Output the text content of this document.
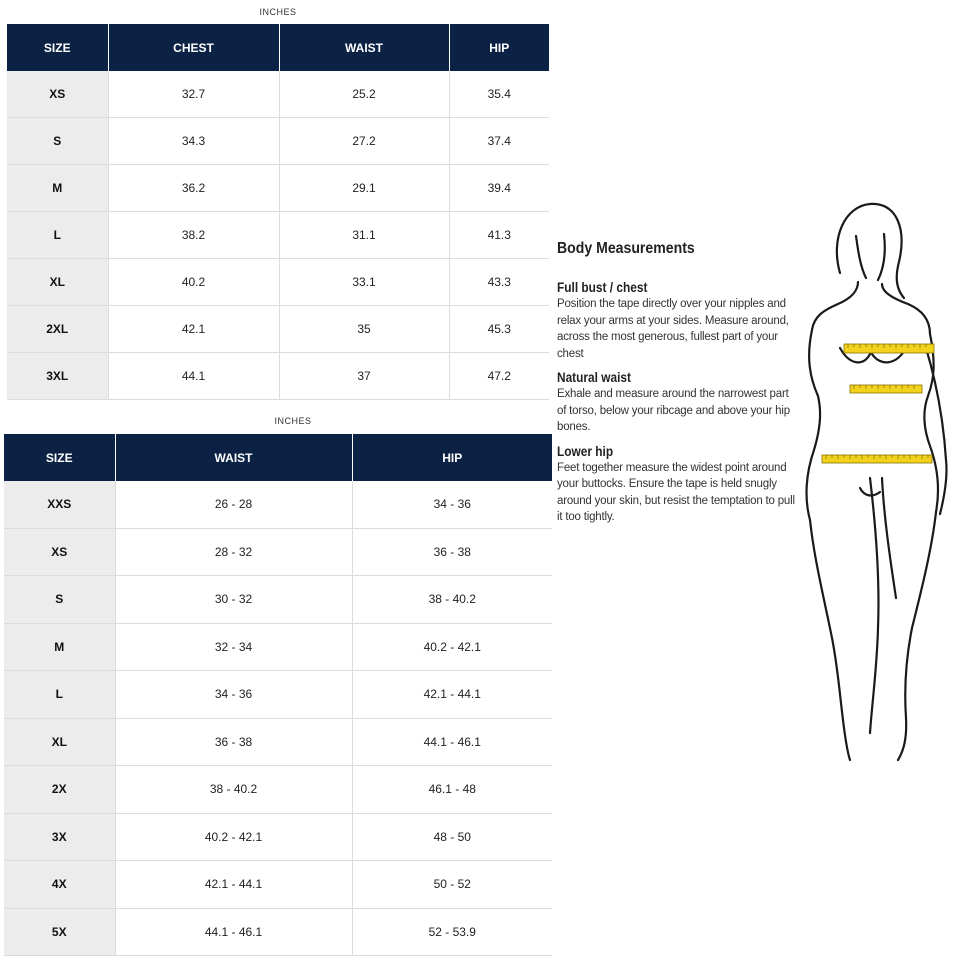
INCHES
SIZE	CHEST	WAIST	HIP
XS	32.7	25.2	35.4
S	34.3	27.2	37.4
M	36.2	29.1	39.4
L	38.2	31.1	41.3
XL	40.2	33.1	43.3
2XL	42.1	35	45.3
3XL	44.1	37	47.2
INCHES
SIZE	WAIST	HIP
XXS	26 - 28	34 - 36
XS	28 - 32	36 - 38
S	30 - 32	38 - 40.2
M	32 - 34	40.2 - 42.1
L	34 - 36	42.1 - 44.1
XL	36 - 38	44.1 - 46.1
2X	38 - 40.2	46.1 - 48
3X	40.2 - 42.1	48 - 50
4X	42.1 - 44.1	50 - 52
5X	44.1 - 46.1	52 - 53.9
Body Measurements
Full bust / chest

Position the tape directly over your nipples and relax your arms at your sides. Measure around, across the most generous, fullest part of your chest

Natural waist

Exhale and measure around the narrowest part of torso, below your ribcage and above your hip bones.

Lower hip

Feet together measure the widest point around your buttocks. Ensure the tape is held snugly around your skin, but resist the temptation to pull it too tightly.
